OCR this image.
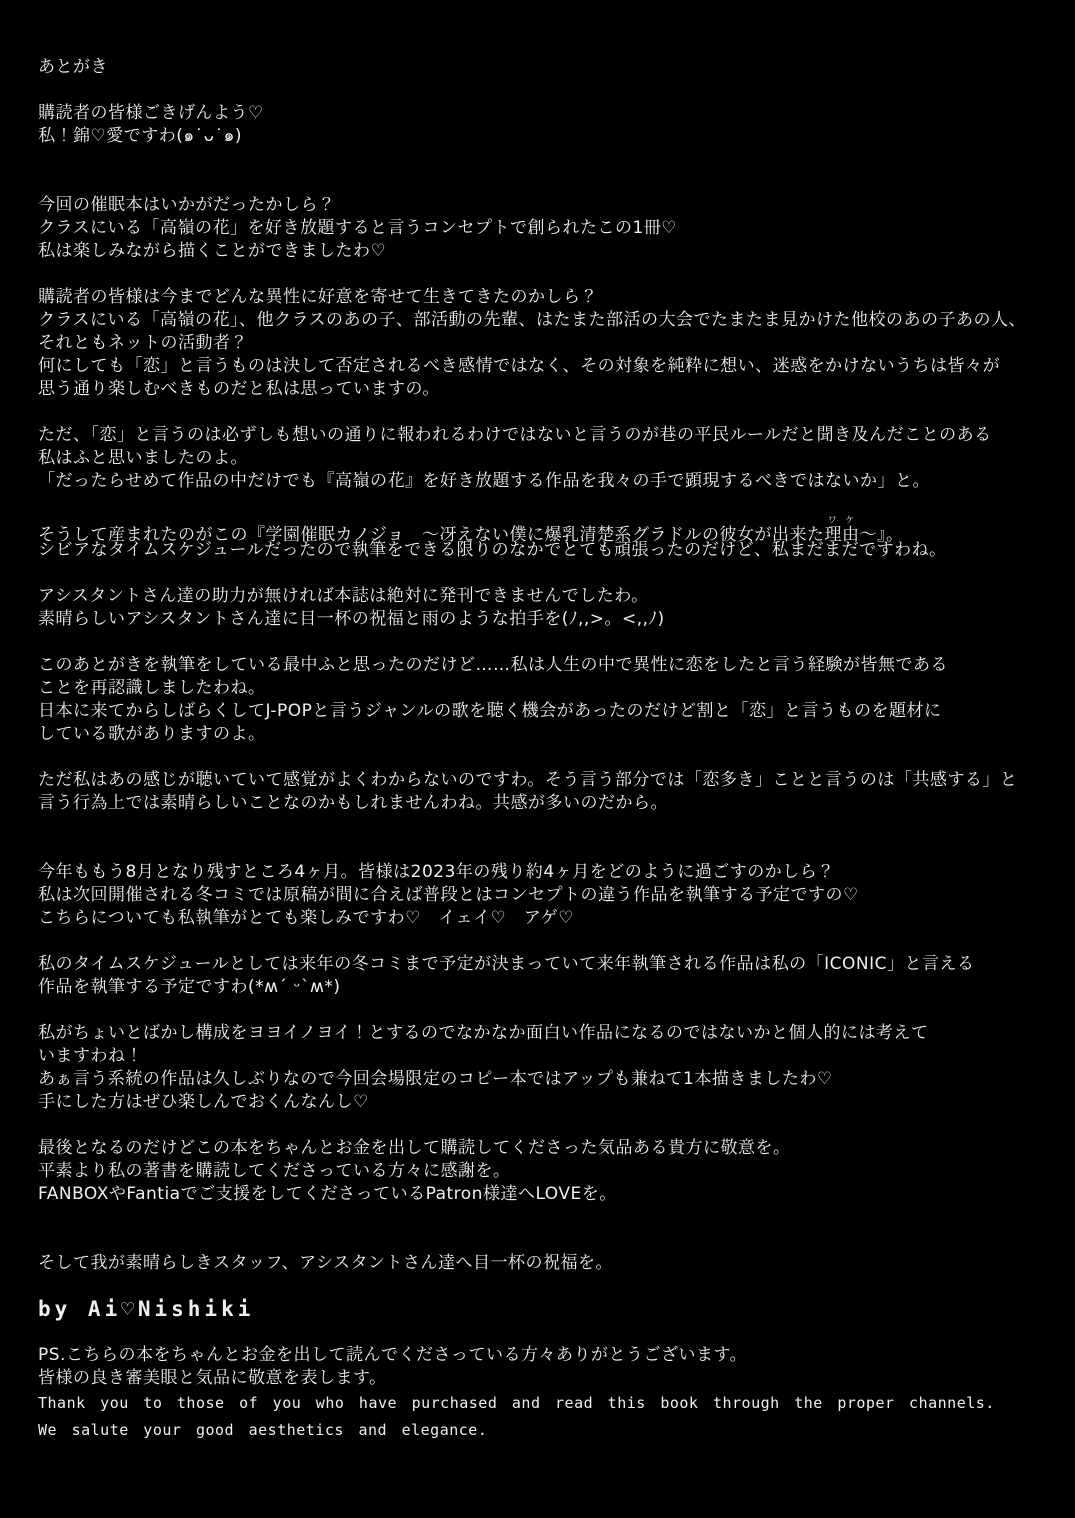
あとがき

購読者の皆様ごきげんよう♡
私！錦♡愛ですわ(๑˙ᴗ˙๑)

今回の催眠本はいかがだったかしら？
クラスにいる「高嶺の花」を好き放題すると言うコンセプトで創られたこの1冊♡
私は楽しみながら描くことができましたわ♡

購読者の皆様は今までどんな異性に好意を寄せて生きてきたのかしら？
クラスにいる「高嶺の花」、他クラスのあの子、部活動の先輩、はたまた部活の大会でたまたま見かけた他校のあの子あの人、
それともネットの活動者？
何にしても「恋」と言うものは決して否定されるべき感情ではなく、その対象を純粋に想い、迷惑をかけないうちは皆々が
思う通り楽しむべきものだと私は思っていますの。

ただ、「恋」と言うのは必ずしも想いの通りに報われるわけではないと言うのが巷の平民ルールだと聞き及んだことのある
私はふと思いましたのよ。
「だったらせめて作品の中だけでも『高嶺の花』を好き放題する作品を我々の手で顕現するべきではないか」と。

そうして産まれたのがこの『学園催眠カノジョ　～冴えない僕に爆乳清楚系グラドルの彼女が出来た理由ワケ～』。
シビアなタイムスケジュールだったので執筆をできる限りのなかでとても頑張ったのだけど、私まだまだですわね。

アシスタントさん達の助力が無ければ本誌は絶対に発刊できませんでしたわ。
素晴らしいアシスタントさん達に目一杯の祝福と雨のような拍手を(ﾉ,,>。<,,ﾉ)

このあとがきを執筆をしている最中ふと思ったのだけど……私は人生の中で異性に恋をしたと言う経験が皆無である
ことを再認識しましたわね。
日本に来てからしばらくしてJ-POPと言うジャンルの歌を聴く機会があったのだけど割と「恋」と言うものを題材に
している歌がありますのよ。

ただ私はあの感じが聴いていて感覚がよくわからないのですわ。そう言う部分では「恋多き」ことと言うのは「共感する」と
言う行為上では素晴らしいことなのかもしれませんわね。共感が多いのだから。

今年ももう8月となり残すところ4ヶ月。皆様は2023年の残り約4ヶ月をどのように過ごすのかしら？
私は次回開催される冬コミでは原稿が間に合えば普段とはコンセプトの違う作品を執筆する予定ですの♡
こちらについても私執筆がとても楽しみですわ♡　イェイ♡　アゲ♡

私のタイムスケジュールとしては来年の冬コミまで予定が決まっていて来年執筆される作品は私の「ICONIC」と言える
作品を執筆する予定ですわ(*ʍ´ ᵕ`ʍ*)

私がちょいとばかし構成をヨヨイノヨイ！とするのでなかなか面白い作品になるのではないかと個人的には考えて
いますわね！
あぁ言う系統の作品は久しぶりなので今回会場限定のコピー本ではアップも兼ねて1本描きましたわ♡
手にした方はぜひ楽しんでおくんなんし♡

最後となるのだけどこの本をちゃんとお金を出して購読してくださった気品ある貴方に敬意を。
平素より私の著書を購読してくださっている方々に感謝を。
FANBOXやFantiaでご支援をしてくださっているPatron様達へLOVEを。

そして我が素晴らしきスタッフ、アシスタントさん達へ目一杯の祝福を。

by Ai♡Nishiki

PS.こちらの本をちゃんとお金を出して読んでくださっている方々ありがとうございます。
皆様の良き審美眼と気品に敬意を表します。
Thank you to those of you who have purchased and read this book through the proper channels.
We salute your good aesthetics and elegance.
